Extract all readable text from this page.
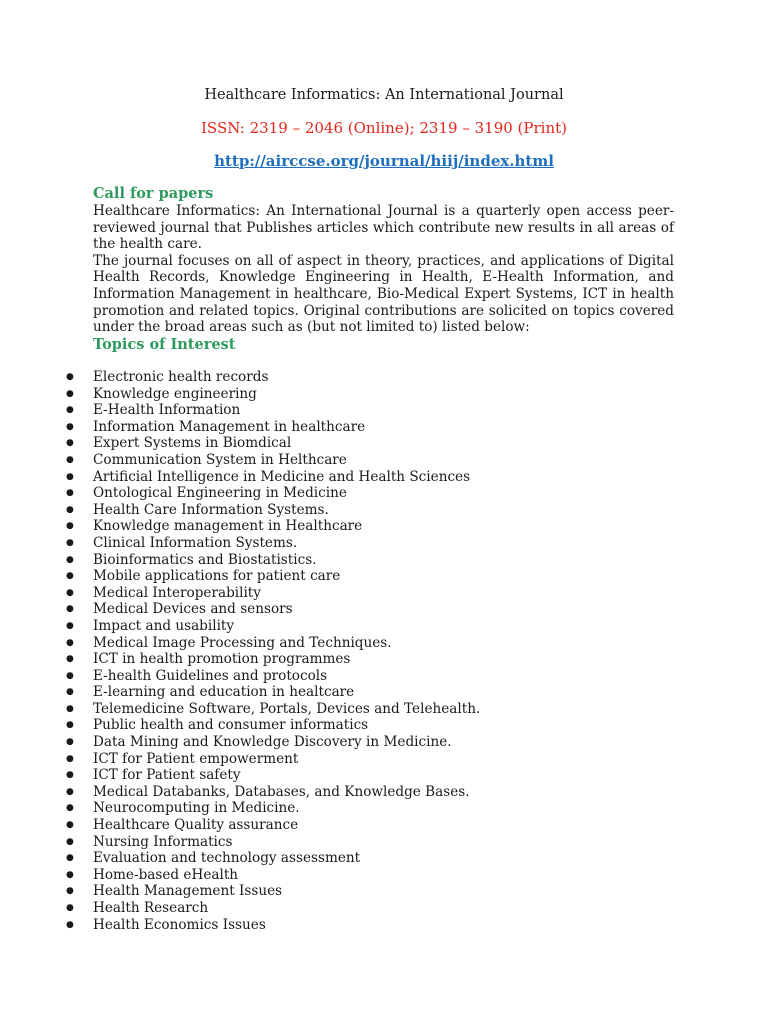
Healthcare Informatics: An International Journal
ISSN: 2319 – 2046 (Online); 2319 – 3190 (Print)
http://airccse.org/journal/hiij/index.html

Call for papers

Healthcare Informatics: An International Journal is a quarterly open access peer-reviewed journal that Publishes articles which contribute new results in all areas of the health care.

The journal focuses on all of aspect in theory, practices, and applications of Digital Health Records, Knowledge Engineering in Health, E-Health Information, and Information Management in healthcare, Bio-Medical Expert Systems, ICT in health promotion and related topics. Original contributions are solicited on topics covered under the broad areas such as (but not limited to) listed below:

Topics of Interest

● Electronic health records
● Knowledge engineering
● E-Health Information
● Information Management in healthcare
● Expert Systems in Biomdical
● Communication System in Helthcare
● Artificial Intelligence in Medicine and Health Sciences
● Ontological Engineering in Medicine
● Health Care Information Systems.
● Knowledge management in Healthcare
● Clinical Information Systems.
● Bioinformatics and Biostatistics.
● Mobile applications for patient care
● Medical Interoperability
● Medical Devices and sensors
● Impact and usability
● Medical Image Processing and Techniques.
● ICT in health promotion programmes
● E-health Guidelines and protocols
● E-learning and education in healtcare
● Telemedicine Software, Portals, Devices and Telehealth.
● Public health and consumer informatics
● Data Mining and Knowledge Discovery in Medicine.
● ICT for Patient empowerment
● ICT for Patient safety
● Medical Databanks, Databases, and Knowledge Bases.
● Neurocomputing in Medicine.
● Healthcare Quality assurance
● Nursing Informatics
● Evaluation and technology assessment
● Home-based eHealth
● Health Management Issues
● Health Research
● Health Economics Issues
